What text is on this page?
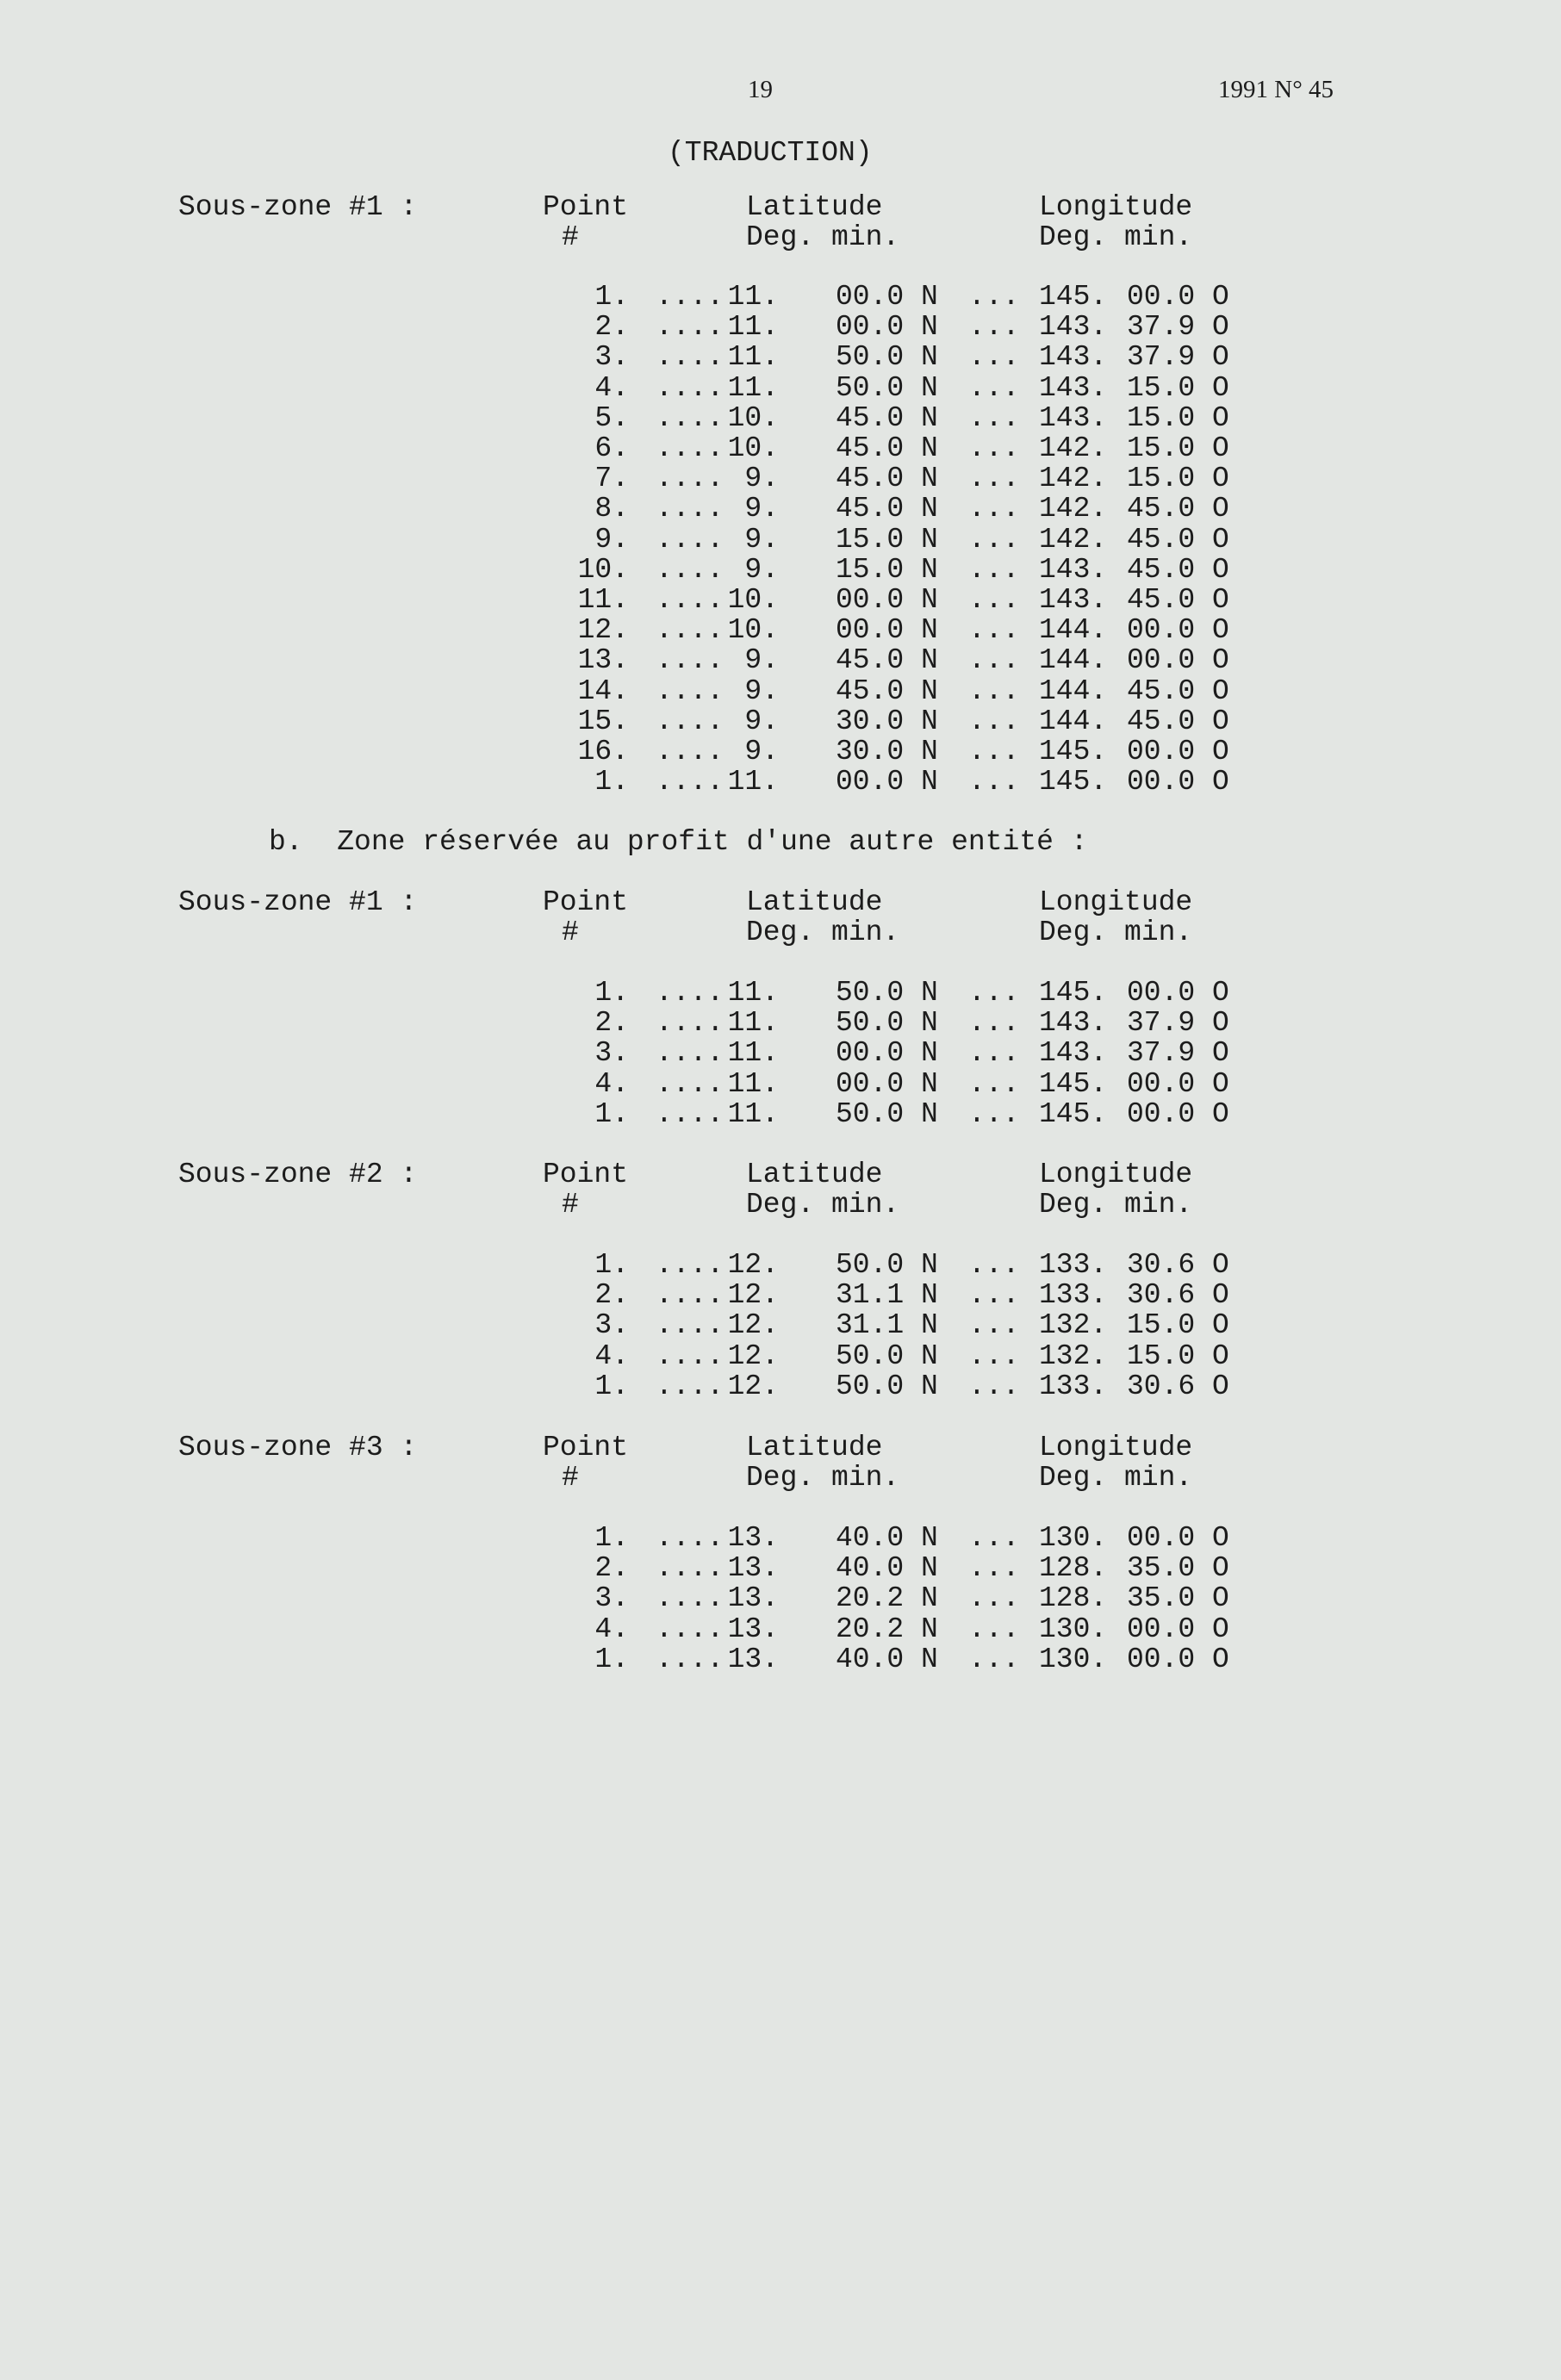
19	1991 N° 45
(TRADUCTION)
Sous-zone #1 :	Point	Latitude	Longitude
#	Deg. min.	Deg. min.
1. .... 11. 00.0 N ... 145. 00.0 O
2. .... 11. 00.0 N ... 143. 37.9 O
3. .... 11. 50.0 N ... 143. 37.9 O
4. .... 11. 50.0 N ... 143. 15.0 O
5. .... 10. 45.0 N ... 143. 15.0 O
6. .... 10. 45.0 N ... 142. 15.0 O
7. .... 9. 45.0 N ... 142. 15.0 O
8. .... 9. 45.0 N ... 142. 45.0 O
9. .... 9. 15.0 N ... 142. 45.0 O
10. .... 9. 15.0 N ... 143. 45.0 O
11. .... 10. 00.0 N ... 143. 45.0 O
12. .... 10. 00.0 N ... 144. 00.0 O
13. .... 9. 45.0 N ... 144. 00.0 O
14. .... 9. 45.0 N ... 144. 45.0 O
15. .... 9. 30.0 N ... 144. 45.0 O
16. .... 9. 30.0 N ... 145. 00.0 O
1. .... 11. 00.0 N ... 145. 00.0 O
b.  Zone réservée au profit d'une autre entité :
Sous-zone #1 :	Point	Latitude	Longitude
#	Deg. min.	Deg. min.
1. .... 11. 50.0 N ... 145. 00.0 O
2. .... 11. 50.0 N ... 143. 37.9 O
3. .... 11. 00.0 N ... 143. 37.9 O
4. .... 11. 00.0 N ... 145. 00.0 O
1. .... 11. 50.0 N ... 145. 00.0 O
Sous-zone #2 :	Point	Latitude	Longitude
#	Deg. min.	Deg. min.
1. .... 12. 50.0 N ... 133. 30.6 O
2. .... 12. 31.1 N ... 133. 30.6 O
3. .... 12. 31.1 N ... 132. 15.0 O
4. .... 12. 50.0 N ... 132. 15.0 O
1. .... 12. 50.0 N ... 133. 30.6 O
Sous-zone #3 :	Point	Latitude	Longitude
#	Deg. min.	Deg. min.
1. .... 13. 40.0 N ... 130. 00.0 O
2. .... 13. 40.0 N ... 128. 35.0 O
3. .... 13. 20.2 N ... 128. 35.0 O
4. .... 13. 20.2 N ... 130. 00.0 O
1. .... 13. 40.0 N ... 130. 00.0 O
